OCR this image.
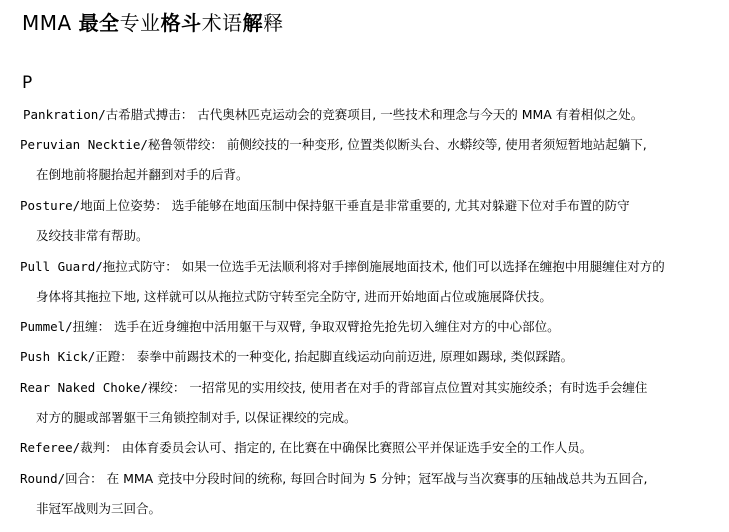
MMA 最全专业格斗术语解释
P
Pankration/古希腊式搏击： 古代奥林匹克运动会的竞赛项目, 一些技术和理念与今天的 MMA 有着相似之处。
Peruvian Necktie/秘鲁领带绞： 前侧绞技的一种变形, 位置类似断头台、水蟒绞等, 使用者须短暂地站起躺下,
在倒地前将腿抬起并翻到对手的后背。
Posture/地面上位姿势： 选手能够在地面压制中保持躯干垂直是非常重要的, 尤其对躲避下位对手布置的防守
及绞技非常有帮助。
Pull Guard/拖拉式防守： 如果一位选手无法顺利将对手摔倒施展地面技术, 他们可以选择在缠抱中用腿缠住对方的
身体将其拖拉下地, 这样就可以从拖拉式防守转至完全防守, 进而开始地面占位或施展降伏技。
Pummel/扭缠： 选手在近身缠抱中活用躯干与双臂, 争取双臂抢先抢先切入缠住对方的中心部位。
Push Kick/正蹬： 泰拳中前踢技术的一种变化, 抬起脚直线运动向前迈进, 原理如踢球, 类似踩踏。
Rear Naked Choke/裸绞： 一招常见的实用绞技, 使用者在对手的背部盲点位置对其实施绞杀；有时选手会缠住
对方的腿或部署躯干三角锁控制对手, 以保证裸绞的完成。
Referee/裁判： 由体育委员会认可、指定的, 在比赛在中确保比赛照公平并保证选手安全的工作人员。
Round/回合： 在 MMA 竞技中分段时间的统称, 每回合时间为 5 分钟；冠军战与当次赛事的压轴战总共为五回合,
非冠军战则为三回合。
